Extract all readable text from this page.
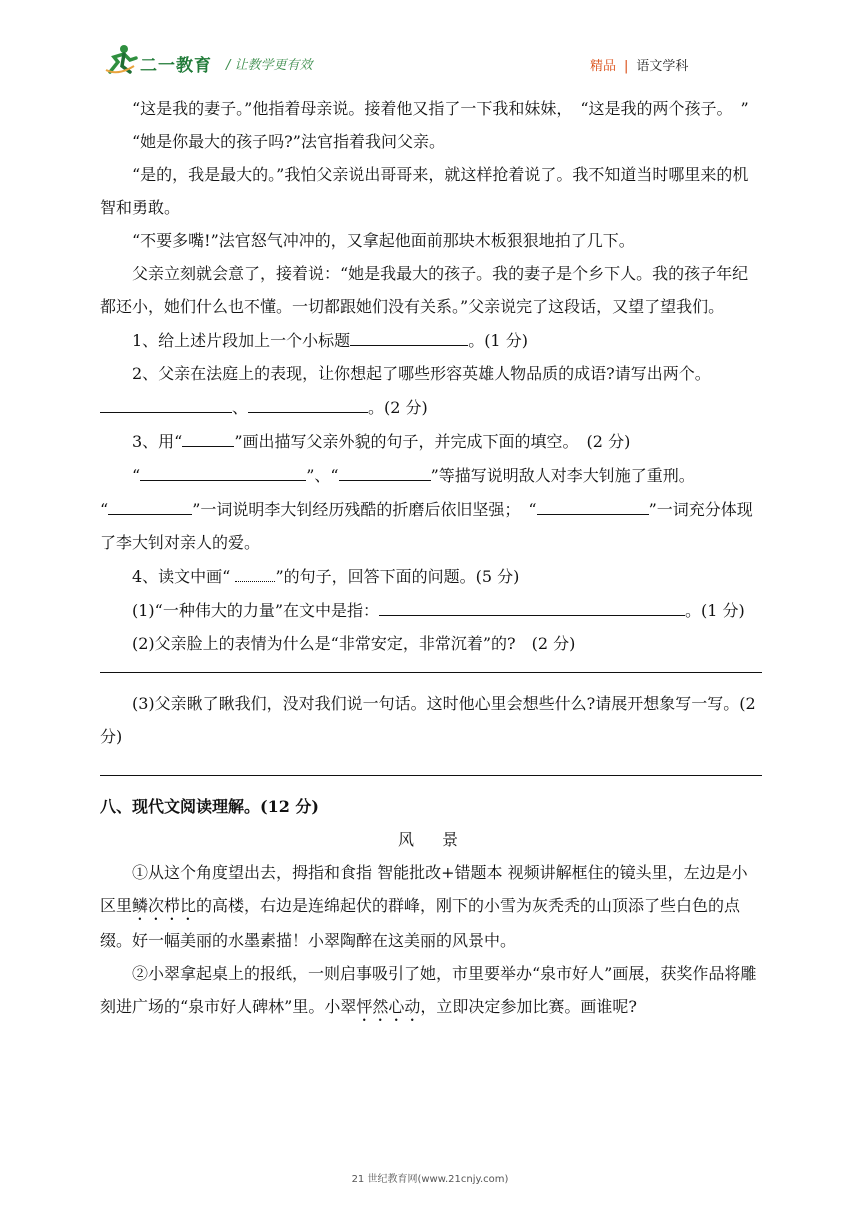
二一教育 / 让教学更有效	精品 | 语文学科

“这是我的妻子。”他指着母亲说。接着他又指了一下我和妹妹，　“这是我的两个孩子。　”

“她是你最大的孩子吗?”法官指着我问父亲。

“是的，我是最大的。”我怕父亲说出哥哥来，就这样抢着说了。我不知道当时哪里来的机智和勇敢。

“不要多嘴!”法官怒气冲冲的，又拿起他面前那块木板狠狠地拍了几下。

父亲立刻就会意了，接着说：“她是我最大的孩子。我的妻子是个乡下人。我的孩子年纪都还小，她们什么也不懂。一切都跟她们没有关系。”父亲说完了这段话，又望了望我们。

1、给上述片段加上一个小标题	。(1 分)

2、父亲在法庭上的表现，让你想起了哪些形容英雄人物品质的成语?请写出两个。、	。(2 分)

3、用“	”画出描写父亲外貌的句子，并完成下面的填空。　(2 分)

“	”、“	”等描写说明敌人对李大钊施了重刑。

“	”一词说明李大钊经历残酷的折磨后依旧坚强；　“	”一词充分体现了李大钊对亲人的爱。

4、读文中画“	”的句子，回答下面的问题。(5 分)

(1)“一种伟大的力量”在文中是指：	。(1 分)

(2)父亲脸上的表情为什么是“非常安定，非常沉着”的?　(2 分)

(3)父亲瞅了瞅我们，没对我们说一句话。这时他心里会想些什么?请展开想象写一写。(2 分)

八、现代文阅读理解。(12 分)

风　景

①从这个角度望出去，拇指和食指 智能批改+错题本 视频讲解框住的镜头里，左边是小区里鳞次栉比的高楼，右边是连绵起伏的群峰，刚下的小雪为灰秃秃的山顶添了些白色的点缀。好一幅美丽的水墨素描！小翠陶醉在这美丽的风景中。

②小翠拿起桌上的报纸，一则启事吸引了她，市里要举办“泉市好人”画展，获奖作品将雕刻进广场的“泉市好人碑林”里。小翠怦然心动，立即决定参加比赛。画谁呢?

21 世纪教育网(www.21cnjy.com)
